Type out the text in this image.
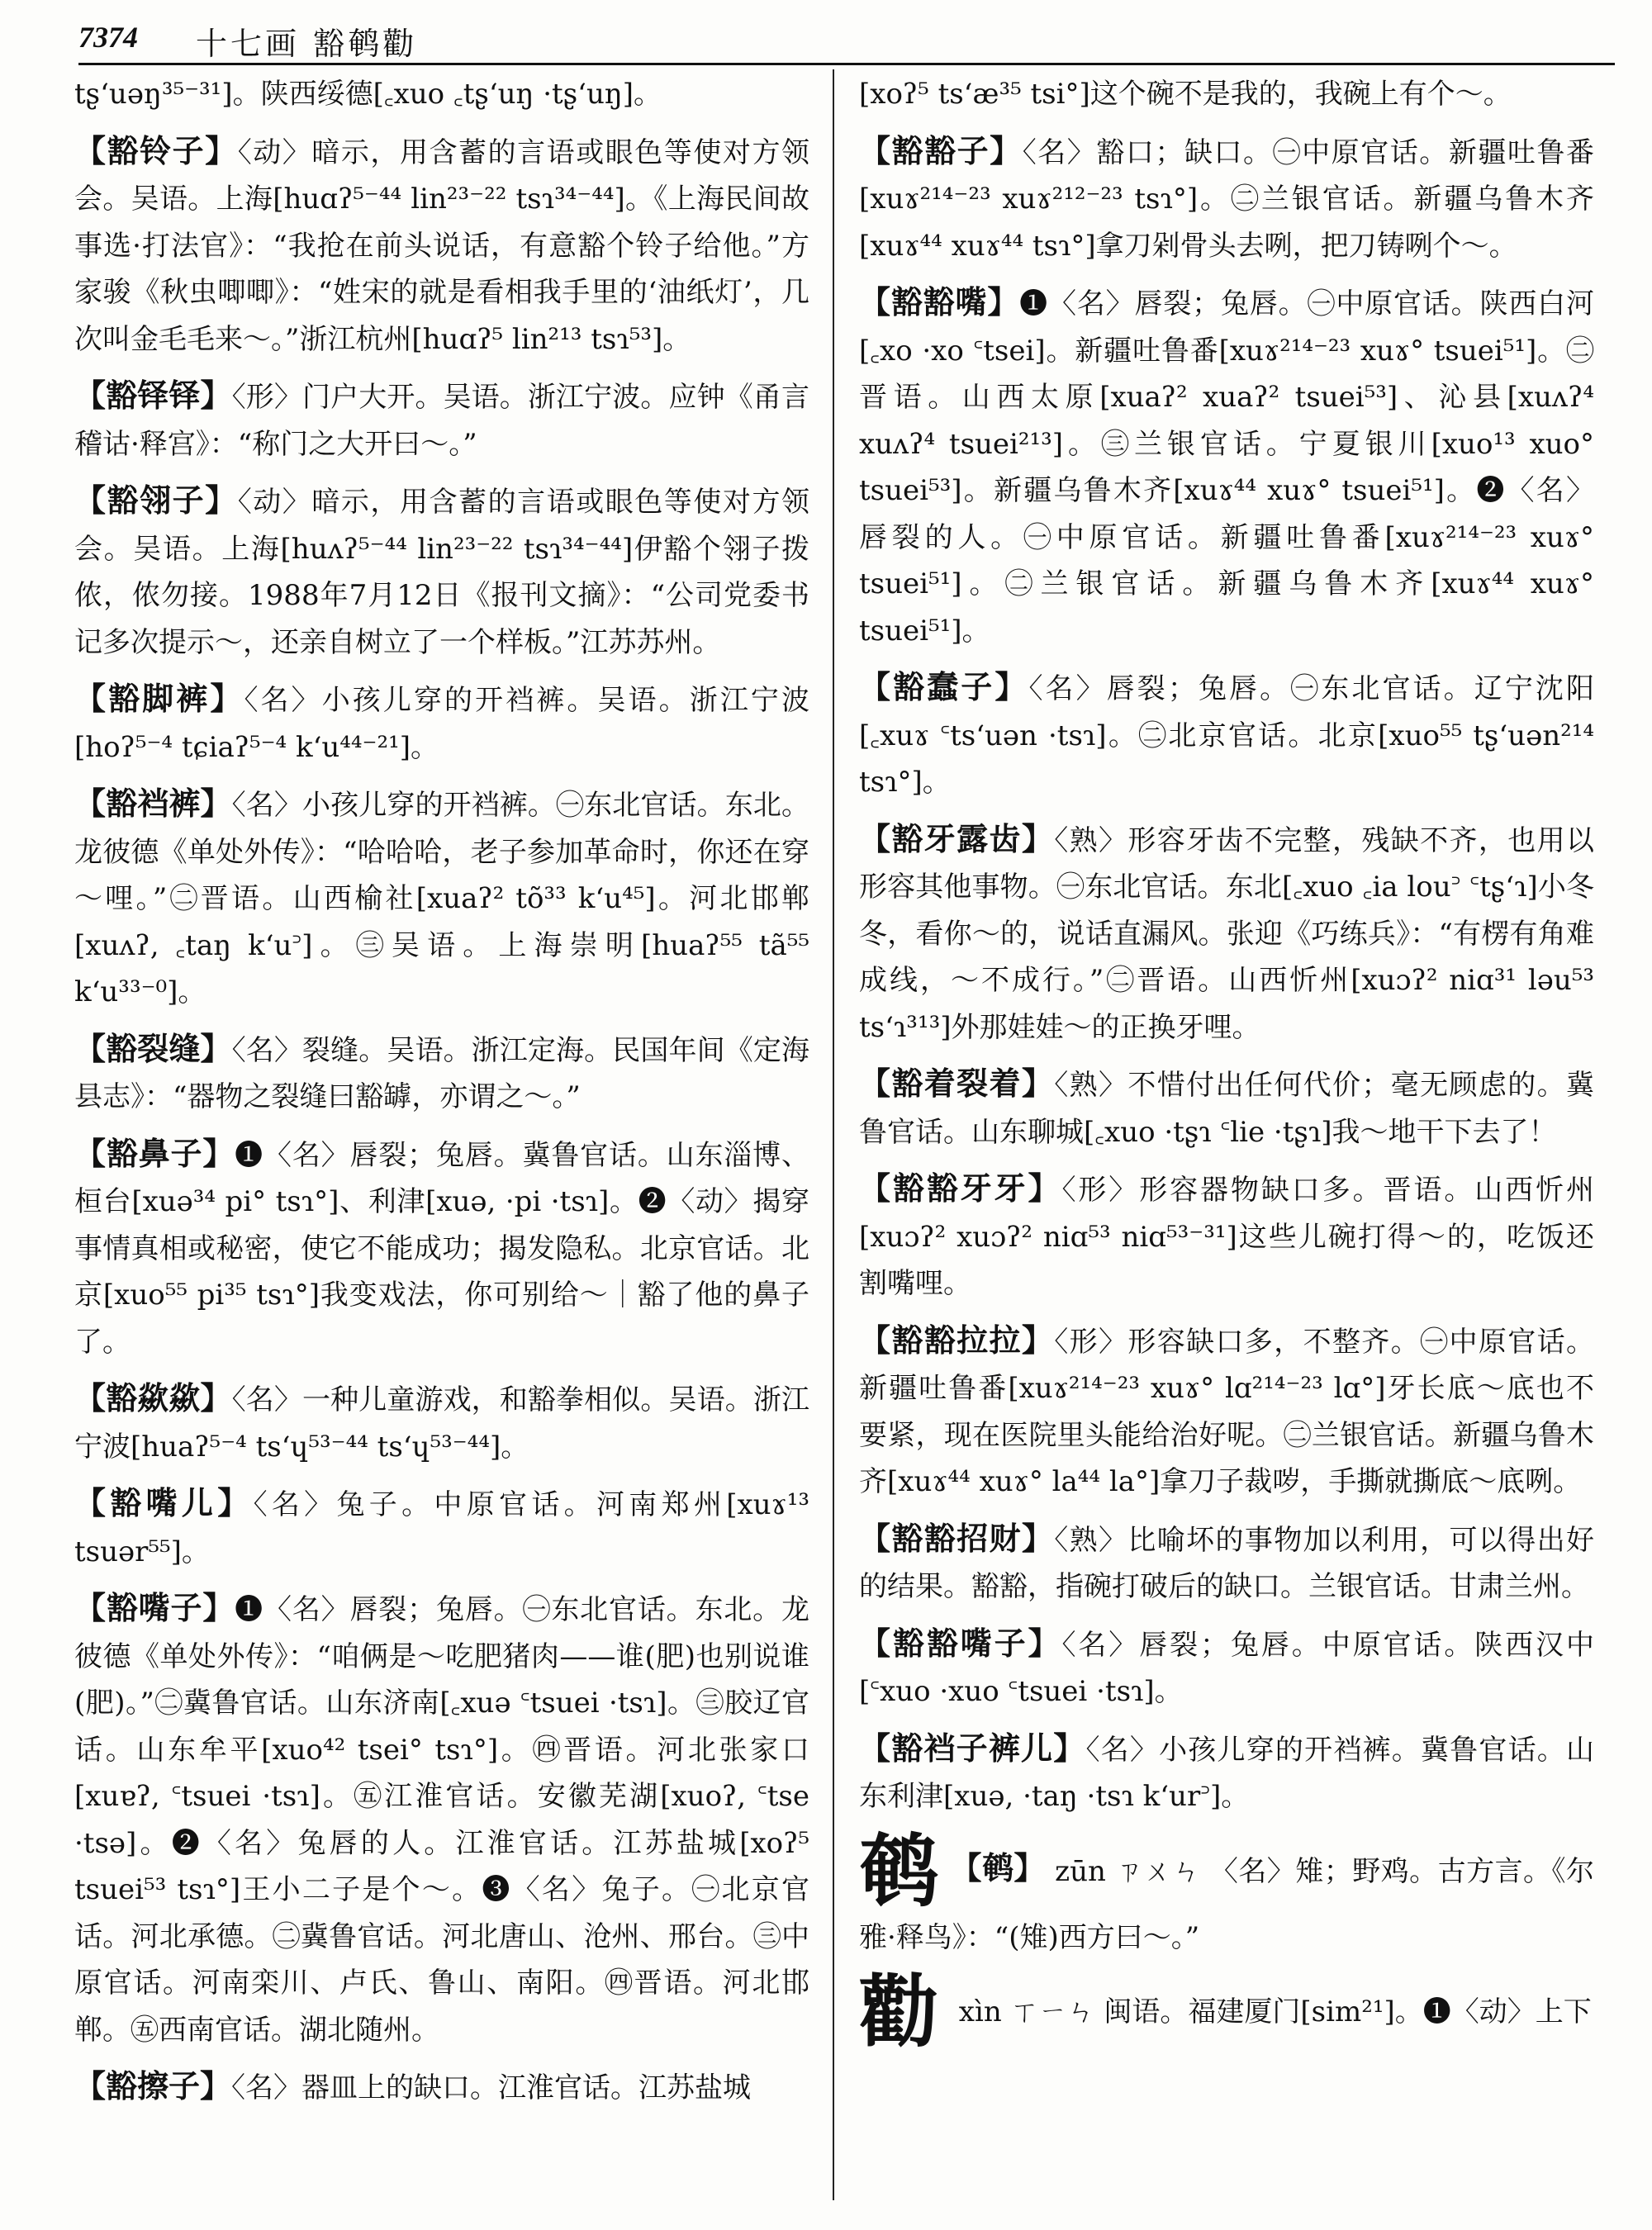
7374 十七画 豁鹌勸
tʂʻuəŋ³⁵⁻³¹]。陕西绥德[꜀xuo ꜀tʂʻuŋ ·tʂʻuŋ]。
【豁铃子】〈动〉暗示，用含蓄的言语或眼色等使对方领会。吴语。上海[huɑʔ⁵⁻⁴⁴ lin²³⁻²² tsɿ³⁴⁻⁴⁴]。《上海民间故事选·打法官》：“我抢在前头说话，有意豁个铃子给他。”方家骏《秋虫唧唧》：“姓宋的就是看相我手里的‘油纸灯’，几次叫金毛毛来～。”浙江杭州[huɑʔ⁵ lin²¹³ tsɿ⁵³]。
【豁铎铎】〈形〉门户大开。吴语。浙江宁波。应钟《甬言稽诂·释宫》：“称门之大开曰～。”
【豁翎子】〈动〉暗示，用含蓄的言语或眼色等使对方领会。吴语。上海[huʌʔ⁵⁻⁴⁴ lin²³⁻²² tsɿ³⁴⁻⁴⁴]伊豁个翎子拨侬，侬勿接。1988年7月12日《报刊文摘》：“公司党委书记多次提示～，还亲自树立了一个样板。”江苏苏州。
【豁脚裤】〈名〉小孩儿穿的开裆裤。吴语。浙江宁波[hoʔ⁵⁻⁴ tɕiaʔ⁵⁻⁴ kʻu⁴⁴⁻²¹]。
【豁裆裤】〈名〉小孩儿穿的开裆裤。㊀东北官话。东北。龙彼德《单处外传》：“哈哈哈，老子参加革命时，你还在穿～哩。”㊁晋语。山西榆社[xuaʔ² tõ³³ kʻu⁴⁵]。河北邯郸[xuʌʔ, ꜀taŋ kʻu꜄]。㊂吴语。上海崇明[huaʔ⁵⁵ tã⁵⁵ kʻu³³⁻⁰]。
【豁裂缝】〈名〉裂缝。吴语。浙江定海。民国年间《定海县志》：“器物之裂缝曰豁罅，亦谓之～。”
【豁鼻子】❶〈名〉唇裂；兔唇。冀鲁官话。山东淄博、桓台[xuə³⁴ pi° tsɿ°]、利津[xuə, ·pi ·tsɿ]。❷〈动〉揭穿事情真相或秘密，使它不能成功；揭发隐私。北京官话。北京[xuo⁵⁵ pi³⁵ tsɿ°]我变戏法，你可别给～｜豁了他的鼻子了。
【豁歘歘】〈名〉一种儿童游戏，和豁拳相似。吴语。浙江宁波[huaʔ⁵⁻⁴ tsʻɥ⁵³⁻⁴⁴ tsʻɥ⁵³⁻⁴⁴]。
【豁嘴儿】〈名〉兔子。中原官话。河南郑州[xuɤ¹³ tsuər⁵⁵]。
【豁嘴子】❶〈名〉唇裂；兔唇。㊀东北官话。东北。龙彼德《单处外传》：“咱俩是～吃肥猪肉——谁(肥)也别说谁(肥)。”㊁冀鲁官话。山东济南[꜀xuə ꜂tsuei ·tsɿ]。㊂胶辽官话。山东牟平[xuo⁴² tsei° tsɿ°]。㊃晋语。河北张家口[xuɐʔ, ꜂tsuei ·tsɿ]。㊄江淮官话。安徽芜湖[xuoʔ, ꜂tse ·tsə]。❷〈名〉兔唇的人。江淮官话。江苏盐城[xoʔ⁵ tsuei⁵³ tsɿ°]王小二子是个～。❸〈名〉兔子。㊀北京官话。河北承德。㊁冀鲁官话。河北唐山、沧州、邢台。㊂中原官话。河南栾川、卢氏、鲁山、南阳。㊃晋语。河北邯郸。㊄西南官话。湖北随州。
【豁擦子】〈名〉器皿上的缺口。江淮官话。江苏盐城
[xoʔ⁵ tsʻæ³⁵ tsi°]这个碗不是我的，我碗上有个～。
【豁豁子】〈名〉豁口；缺口。㊀中原官话。新疆吐鲁番[xuɤ²¹⁴⁻²³ xuɤ²¹²⁻²³ tsɿ°]。㊁兰银官话。新疆乌鲁木齐[xuɤ⁴⁴ xuɤ⁴⁴ tsɿ°]拿刀剁骨头去咧，把刀铸咧个～。
【豁豁嘴】❶〈名〉唇裂；兔唇。㊀中原官话。陕西白河[꜀xo ·xo ꜂tsei]。新疆吐鲁番[xuɤ²¹⁴⁻²³ xuɤ° tsuei⁵¹]。㊁晋语。山西太原[xuaʔ² xuaʔ² tsuei⁵³]、沁县[xuʌʔ⁴ xuʌʔ⁴ tsuei²¹³]。㊂兰银官话。宁夏银川[xuo¹³ xuo° tsuei⁵³]。新疆乌鲁木齐[xuɤ⁴⁴ xuɤ° tsuei⁵¹]。❷〈名〉唇裂的人。㊀中原官话。新疆吐鲁番[xuɤ²¹⁴⁻²³ xuɤ° tsuei⁵¹]。㊁兰银官话。新疆乌鲁木齐[xuɤ⁴⁴ xuɤ° tsuei⁵¹]。
【豁蠢子】〈名〉唇裂；兔唇。㊀东北官话。辽宁沈阳[꜀xuɤ ꜂tsʻuən ·tsɿ]。㊁北京官话。北京[xuo⁵⁵ tʂʻuən²¹⁴ tsɿ°]。
【豁牙露齿】〈熟〉形容牙齿不完整，残缺不齐，也用以形容其他事物。㊀东北官话。东北[꜀xuo ꜀ia lou꜄ ꜂tʂʻɿ]小冬冬，看你～的，说话直漏风。张迎《巧练兵》：“有楞有角难成线，～不成行。”㊁晋语。山西忻州[xuɔʔ² niɑ³¹ ləu⁵³ tsʻɿ³¹³]外那娃娃～的正换牙哩。
【豁着裂着】〈熟〉不惜付出任何代价；毫无顾虑的。冀鲁官话。山东聊城[꜀xuo ·tʂɿ ꜂lie ·tʂɿ]我～地干下去了！
【豁豁牙牙】〈形〉形容器物缺口多。晋语。山西忻州[xuɔʔ² xuɔʔ² niɑ⁵³ niɑ⁵³⁻³¹]这些儿碗打得～的，吃饭还割嘴哩。
【豁豁拉拉】〈形〉形容缺口多，不整齐。㊀中原官话。新疆吐鲁番[xuɤ²¹⁴⁻²³ xuɤ° lɑ²¹⁴⁻²³ lɑ°]牙长底～底也不要紧，现在医院里头能给治好呢。㊁兰银官话。新疆乌鲁木齐[xuɤ⁴⁴ xuɤ° la⁴⁴ la°]拿刀子裁哕，手撕就撕底～底咧。
【豁豁招财】〈熟〉比喻坏的事物加以利用，可以得出好的结果。豁豁，指碗打破后的缺口。兰银官话。甘肃兰州。
【豁豁嘴子】〈名〉唇裂；兔唇。中原官话。陕西汉中[꜂xuo ·xuo ꜂tsuei ·tsɿ]。
【豁裆子裤儿】〈名〉小孩儿穿的开裆裤。冀鲁官话。山东利津[xuə, ·taŋ ·tsɿ kʻur꜄]。
鹌 【鹌】 zūn ㄗㄨㄣ 〈名〉雉；野鸡。古方言。《尔雅·释鸟》：“(雉)西方曰～。”
勸 xìn ㄒㄧㄣ 闽语。福建厦门[sim²¹]。❶〈动〉上下
